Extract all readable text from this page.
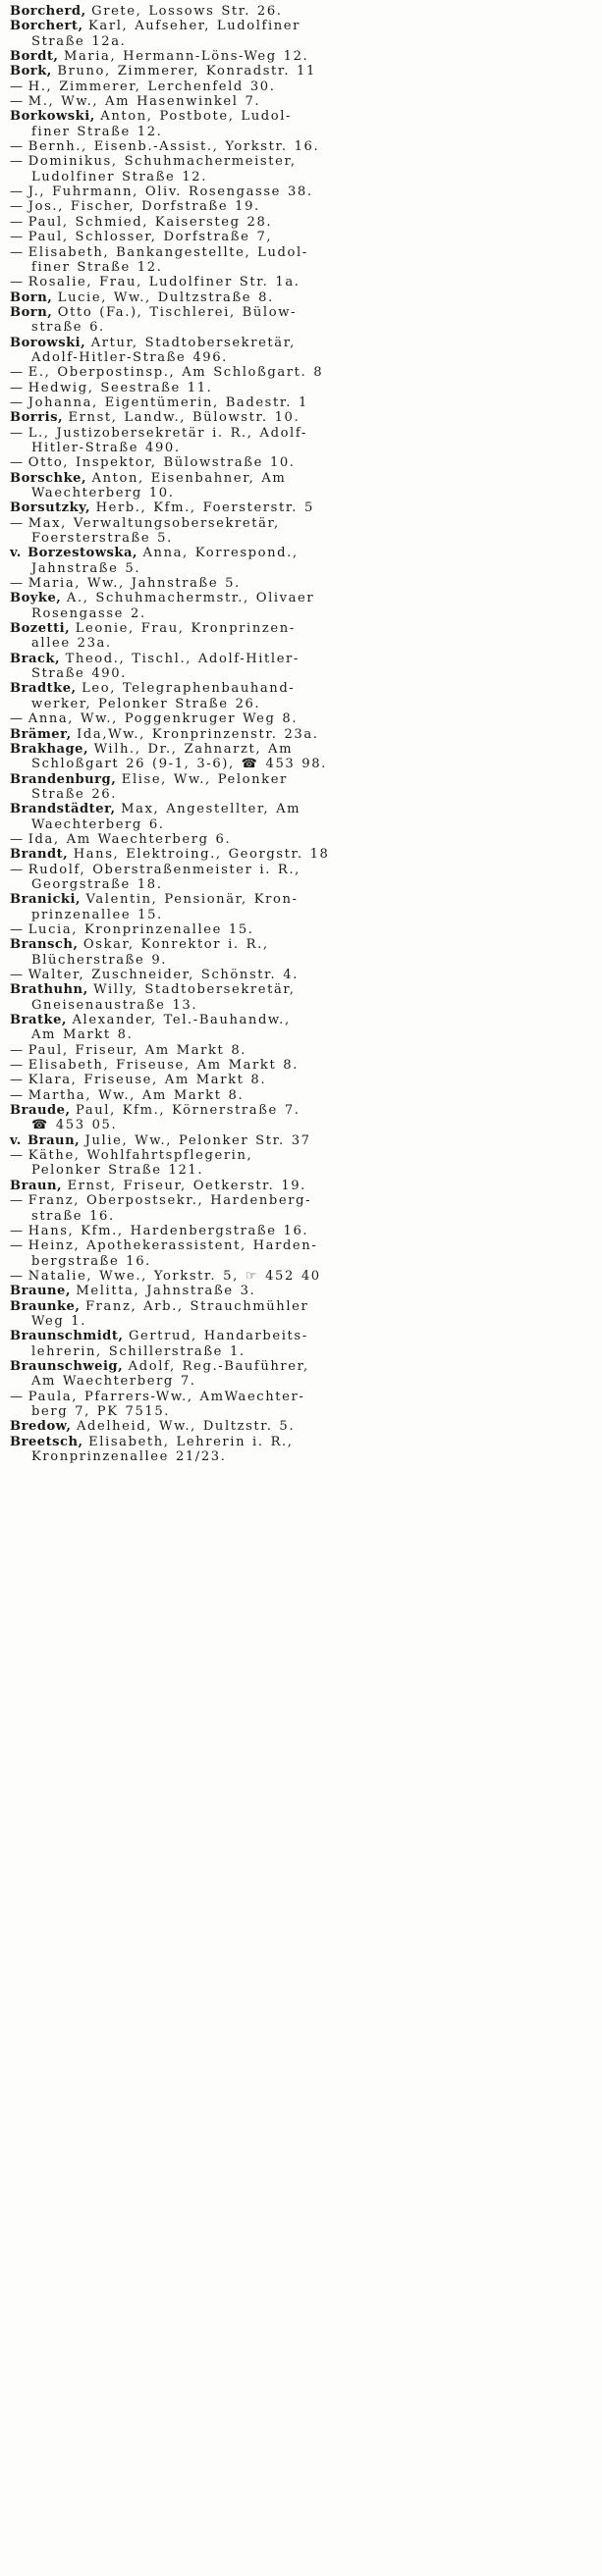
Borcherd, Grete, Lossows Str. 26.

Borchert, Karl, Aufseher, Ludolfiner
Straße 12a.

Bordt, Maria, Hermann-Löns-Weg 12.

Bork, Bruno, Zimmerer, Konradstr. 11

— H., Zimmerer, Lerchenfeld 30.

— M., Ww., Am Hasenwinkel 7.

Borkowski, Anton, Postbote, Ludol-
finer Straße 12.

— Bernh., Eisenb.-Assist., Yorkstr. 16.

— Dominikus, Schuhmachermeister,
Ludolfiner Straße 12.

— J., Fuhrmann, Oliv. Rosengasse 38.

— Jos., Fischer, Dorfstraße 19.

— Paul, Schmied, Kaisersteg 28.

— Paul, Schlosser, Dorfstraße 7,

— Elisabeth, Bankangestellte, Ludol-
finer Straße 12.

— Rosalie, Frau, Ludolfiner Str. 1a.

Born, Lucie, Ww., Dultzstraße 8.

Born, Otto (Fa.), Tischlerei, Bülow-
straße 6.

Borowski, Artur, Stadtobersekretär,
Adolf-Hitler-Straße 496.

— E., Oberpostinsp., Am Schloßgart. 8

— Hedwig, Seestraße 11.

— Johanna, Eigentümerin, Badestr. 1

Borris, Ernst, Landw., Bülowstr. 10.

— L., Justizobersekretär i. R., Adolf-
Hitler-Straße 490.

— Otto, Inspektor, Bülowstraße 10.

Borschke, Anton, Eisenbahner, Am
Waechterberg 10.

Borsutzky, Herb., Kfm., Foersterstr. 5

— Max, Verwaltungsobersekretär,
Foersterstraße 5.

v. Borzestowska, Anna, Korrespond.,
Jahnstraße 5.

— Maria, Ww., Jahnstraße 5.

Boyke, A., Schuhmachermstr., Olivaer
Rosengasse 2.

Bozetti, Leonie, Frau, Kronprinzen-
allee 23a.

Brack, Theod., Tischl., Adolf-Hitler-
Straße 490.

Bradtke, Leo, Telegraphenbauhand-
werker, Pelonker Straße 26.

— Anna, Ww., Poggenkruger Weg 8.

Brämer, Ida,Ww., Kronprinzenstr. 23a.

Brakhage, Wilh., Dr., Zahnarzt, Am
Schloßgart 26 (9-1, 3-6), ☎ 453 98.

Brandenburg, Elise, Ww., Pelonker
Straße 26.

Brandstädter, Max, Angestellter, Am
Waechterberg 6.

— Ida, Am Waechterberg 6.

Brandt, Hans, Elektroing., Georgstr. 18

— Rudolf, Oberstraßenmeister i. R.,
Georgstraße 18.

Branicki, Valentin, Pensionär, Kron-
prinzenallee 15.

— Lucia, Kronprinzenallee 15.

Bransch, Oskar, Konrektor i. R.,
Blücherstraße 9.

— Walter, Zuschneider, Schönstr. 4.

Brathuhn, Willy, Stadtobersekretär,
Gneisenaustraße 13.

Bratke, Alexander, Tel.-Bauhandw.,
Am Markt 8.

— Paul, Friseur, Am Markt 8.

— Elisabeth, Friseuse, Am Markt 8.

— Klara, Friseuse, Am Markt 8.

— Martha, Ww., Am Markt 8.

Braude, Paul, Kfm., Körnerstraße 7.
☎ 453 05.

v. Braun, Julie, Ww., Pelonker Str. 37

— Käthe, Wohlfahrtspflegerin,
Pelonker Straße 121.

Braun, Ernst, Friseur, Oetkerstr. 19.

— Franz, Oberpostsekr., Hardenberg-
straße 16.

— Hans, Kfm., Hardenbergstraße 16.

— Heinz, Apothekerassistent, Harden-
bergstraße 16.

— Natalie, Wwe., Yorkstr. 5, ☞ 452 40

Braune, Melitta, Jahnstraße 3.

Braunke, Franz, Arb., Strauchmühler
Weg 1.

Braunschmidt, Gertrud, Handarbeits-
lehrerin, Schillerstraße 1.

Braunschweig, Adolf, Reg.-Bauführer,
Am Waechterberg 7.

— Paula, Pfarrers-Ww., AmWaechter-
berg 7, PK 7515.

Bredow, Adelheid, Ww., Dultzstr. 5.

Breetsch, Elisabeth, Lehrerin i. R.,
Kronprinzenallee 21/23.
